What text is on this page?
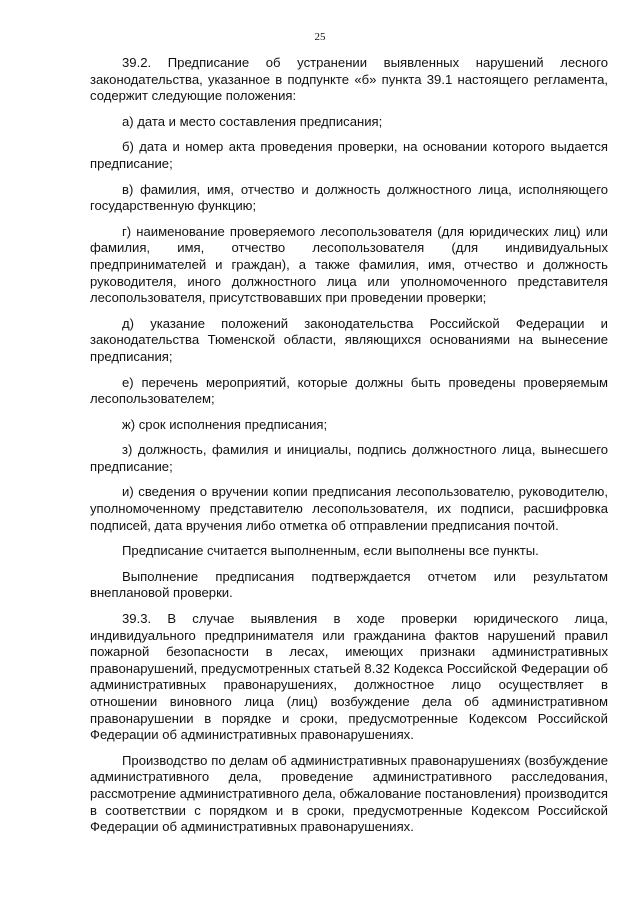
25

39.2. Предписание об устранении выявленных нарушений лесного законодательства, указанное в подпункте «б» пункта 39.1 настоящего регламента, содержит следующие положения:

а) дата и место составления предписания;

б) дата и номер акта проведения проверки, на основании которого выдается предписание;

в) фамилия, имя, отчество и должность должностного лица, исполняющего государственную функцию;

г) наименование проверяемого лесопользователя (для юридических лиц) или фамилия, имя, отчество лесопользователя (для индивидуальных предпринимателей и граждан), а также фамилия, имя, отчество и должность руководителя, иного должностного лица или уполномоченного представителя лесопользователя, присутствовавших при проведении проверки;

д) указание положений законодательства Российской Федерации и законодательства Тюменской области, являющихся основаниями на вынесение предписания;

е) перечень мероприятий, которые должны быть проведены проверяемым лесопользователем;

ж) срок исполнения предписания;

з) должность, фамилия и инициалы, подпись должностного лица, вынесшего предписание;

и) сведения о вручении копии предписания лесопользователю, руководителю, уполномоченному представителю лесопользователя, их подписи, расшифровка подписей, дата вручения либо отметка об отправлении предписания почтой.

Предписание считается выполненным, если выполнены все пункты.

Выполнение предписания подтверждается отчетом или результатом внеплановой проверки.

39.3. В случае выявления в ходе проверки юридического лица, индивидуального предпринимателя или гражданина фактов нарушений правил пожарной безопасности в лесах, имеющих признаки административных правонарушений, предусмотренных статьей 8.32 Кодекса Российской Федерации об административных правонарушениях, должностное лицо осуществляет в отношении виновного лица (лиц) возбуждение дела об административном правонарушении в порядке и сроки, предусмотренные Кодексом Российской Федерации об административных правонарушениях.

Производство по делам об административных правонарушениях (возбуждение административного дела, проведение административного расследования, рассмотрение административного дела, обжалование постановления) производится в соответствии с порядком и в сроки, предусмотренные Кодексом Российской Федерации об административных правонарушениях.
